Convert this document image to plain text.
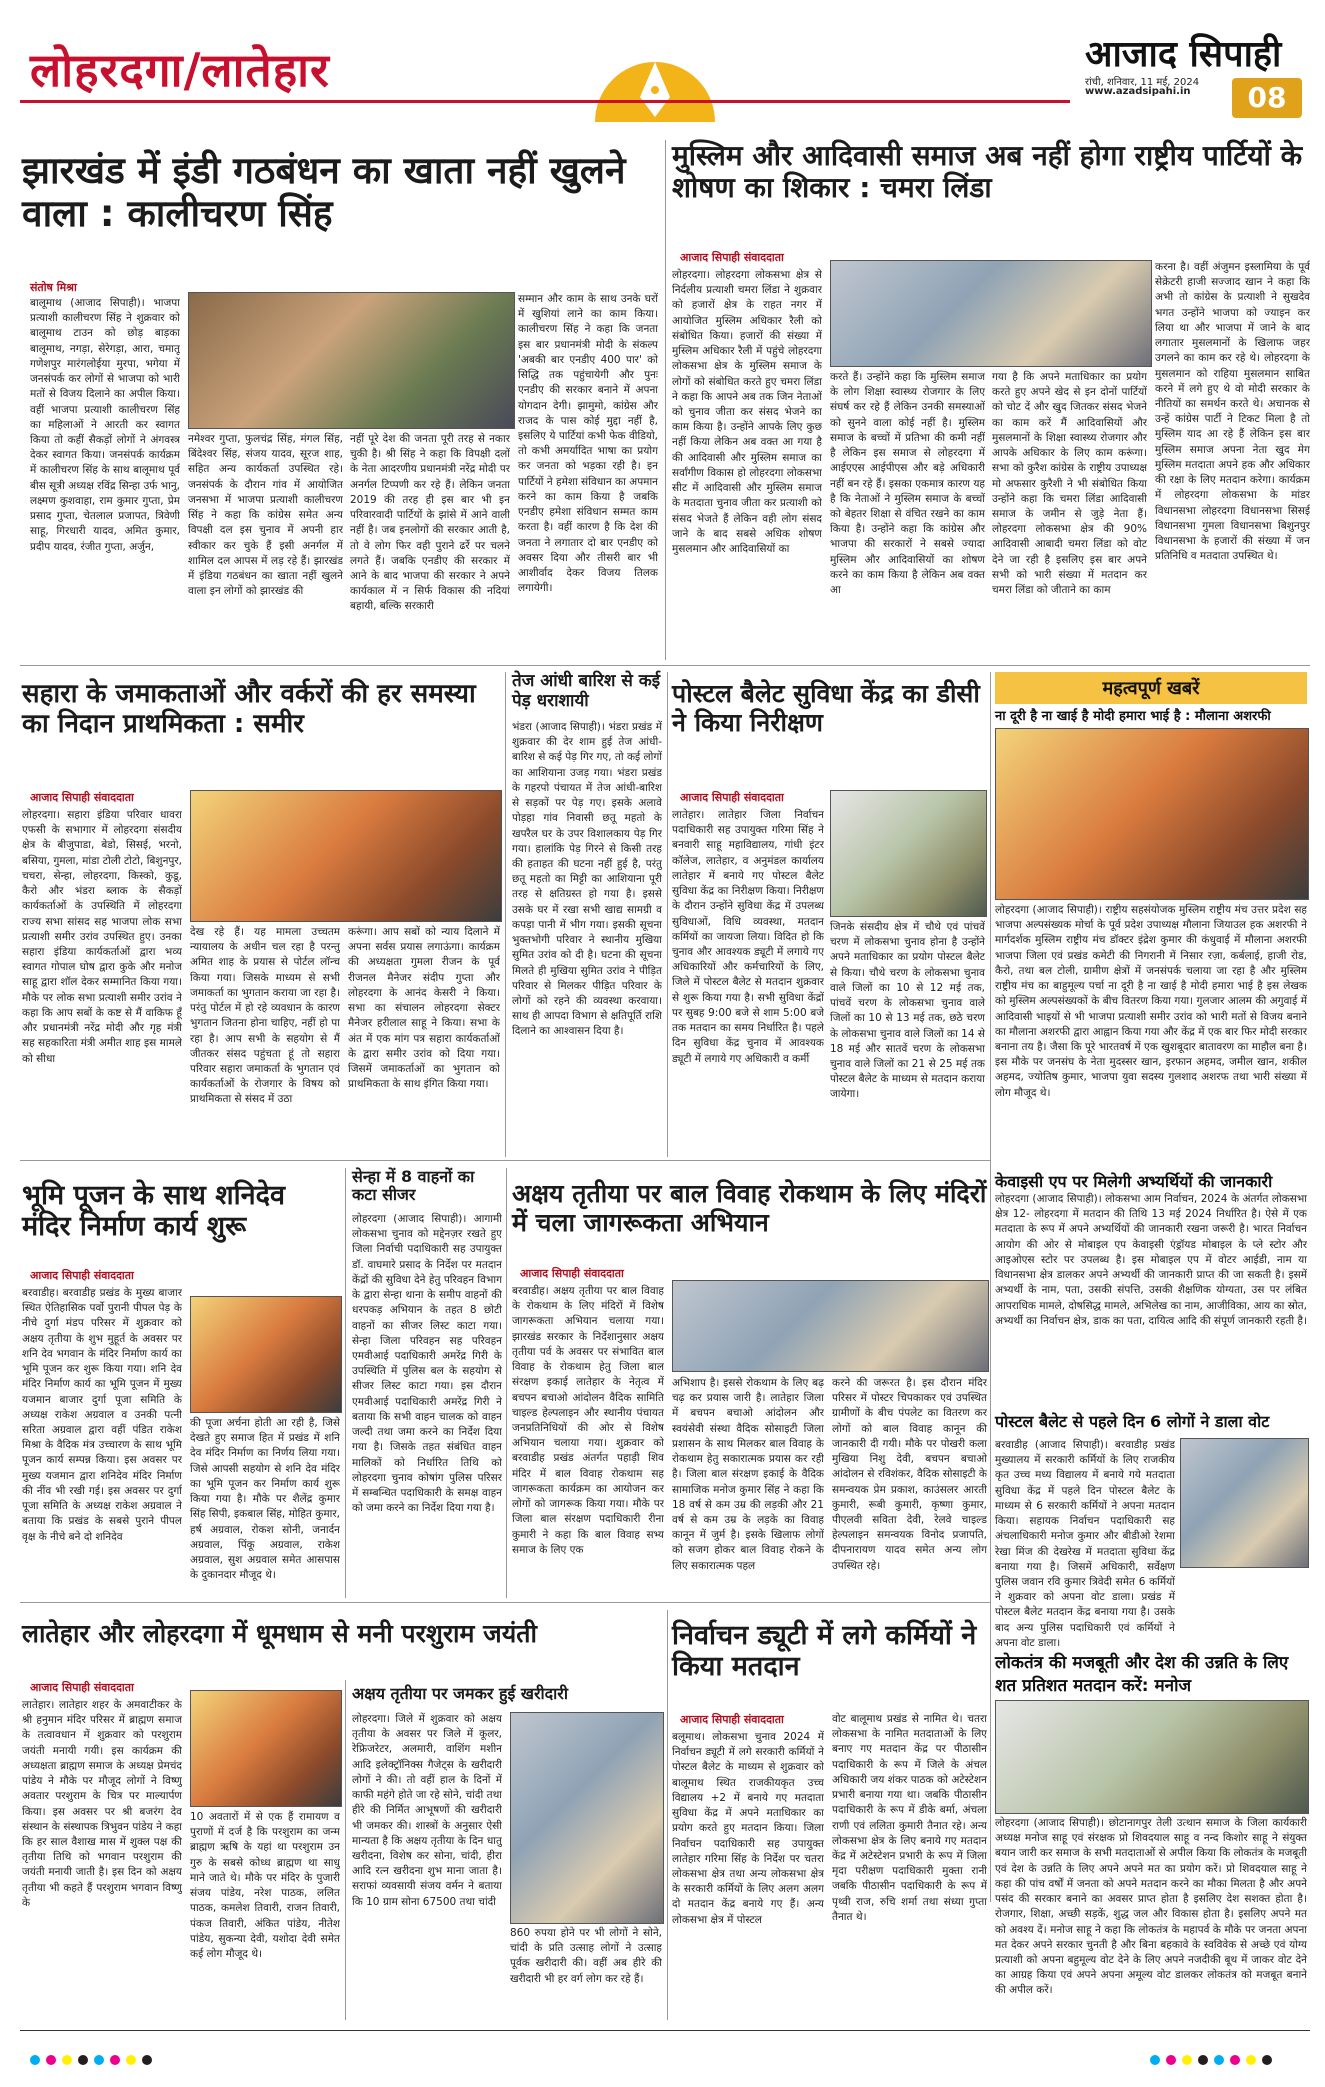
लोहरदगा/लातेहार	आजाद सिपाही
रांची, शनिवार, 11 मई, 2024
www.azadsipahi.in	08
झारखंड में इंडी गठबंधन का खाता नहीं खुलने वाला : कालीचरण सिंह
संतोष मिश्रा
बालूमाथ (आजाद सिपाही)। भाजपा प्रत्याशी कालीचरण सिंह ने शुक्रवार को बालूमाथ टाउन को छोड़ बाड़का बालूमाथ, नगड़ा, सेरेगड़ा, आरा, चमातू गणेशपुर मारंगलोईया मुरपा, भगेया में जनसंपर्क कर लोगों से भाजपा को भारी मतों से विजय दिलाने का अपील किया। वहीं भाजपा प्रत्याशी कालीचरण सिंह का महिलाओं ने आरती कर स्वागत किया तो कहीं सैकड़ों लोगों ने अंगवस्त्र देकर स्वागत किया। जनसंपर्क कार्यक्रम में कालीचरण सिंह के साथ बालूमाथ पूर्व बीस सूत्री अध्यक्ष रविंद्र सिन्हा उर्फ भानु, लक्ष्मण कुशवाहा, राम कुमार गुप्ता, प्रेम प्रसाद गुप्ता, चेतलाल प्रजापत, त्रिवेणी साहू, गिरधारी यादव, अमित कुमार, प्रदीप यादव, रंजीत गुप्ता, अर्जुन,
नमेश्वर गुप्ता, फुलचंद्र सिंह, मंगल सिंह, बिंदेश्वर सिंह, संजय यादव, सूरज शाह, सहित अन्य कार्यकर्ता उपस्थित रहे। जनसंपर्क के दौरान गांव में आयोजित जनसभा में भाजपा प्रत्याशी कालीचरण सिंह ने कहा कि कांग्रेस समेत अन्य विपक्षी दल इस चुनाव में अपनी हार स्वीकार कर चुके हैं इसी अनर्गल में शामिल दल आपस में लड़ रहे हैं। झारखंड में इंडिया गठबंधन का खाता नहीं खुलने वाला इन लोगों को झारखंड की
नहीं पूरे देश की जनता पूरी तरह से नकार चुकी है। श्री सिंह ने कहा कि विपक्षी दलों के नेता आदरणीय प्रधानमंत्री नरेंद्र मोदी पर अनर्गल टिप्पणी कर रहे हैं। लेकिन जनता 2019 की तरह ही इस बार भी इन परिवारवादी पार्टियों के झांसे में आने वाली नहीं है। जब इनलोगों की सरकार आती है, तो वे लोग फिर वही पुराने ढर्रे पर चलने लगते हैं। जबकि एनडीए की सरकार में आने के बाद भाजपा की सरकार ने अपने कार्यकाल में न सिर्फ विकास की नदियां बहायी, बल्कि सरकारी
सम्मान और काम के साथ उनके घरों में खुशियां लाने का काम किया। कालीचरण सिंह ने कहा कि जनता इस बार प्रधानमंत्री मोदी के संकल्प 'अबकी बार एनडीए 400 पार' को सिद्धि तक पहुंचायेगी और पुनः एनडीए की सरकार बनाने में अपना योगदान देगी। झामुमो, कांग्रेस और राजद के पास कोई मुद्दा नहीं है, इसलिए ये पार्टियां कभी फेक वीडियो, तो कभी अमर्यादित भाषा का प्रयोग कर जनता को भड़का रही है। इन पार्टियों ने हमेशा संविधान का अपमान करने का काम किया है जबकि एनडीए हमेशा संविधान सम्मत काम करता है। वहीं कारण है कि देश की जनता ने लगातार दो बार एनडीए को अवसर दिया और तीसरी बार भी आशीर्वाद देकर विजय तिलक लगायेगी।
मुस्लिम और आदिवासी समाज अब नहीं होगा राष्ट्रीय पार्टियों के शोषण का शिकार : चमरा लिंडा
आजाद सिपाही संवाददाता
लोहरदगा। लोहरदगा लोकसभा क्षेत्र से निर्दलीय प्रत्याशी चमरा लिंडा ने शुक्रवार को हजारों क्षेत्र के राहत नगर में आयोजित मुस्लिम अधिकार रैली को संबोधित किया। हजारों की संख्या में मुस्लिम अधिकार रैली में पहुंचे लोहरदगा लोकसभा क्षेत्र के मुस्लिम समाज के लोगों को संबोधित करते हुए चमरा लिंडा ने कहा कि आपने अब तक जिन नेताओं को चुनाव जीता कर संसद भेजने का काम किया है। उन्होंने आपके लिए कुछ नहीं किया लेकिन अब वक्त आ गया है की आदिवासी और मुस्लिम समाज का सर्वांगीण विकास हो लोहरदगा लोकसभा सीट में आदिवासी और मुस्लिम समाज के मतदाता चुनाव जीता कर प्रत्याशी को संसद भेजते हैं लेकिन वही लोग संसद जाने के बाद सबसे अधिक शोषण मुसलमान और आदिवासियों का
करते हैं। उन्होंने कहा कि मुस्लिम समाज के लोग शिक्षा स्वास्थ्य रोजगार के लिए संघर्ष कर रहे हैं लेकिन उनकी समस्याओं को सुनने वाला कोई नहीं है। मुस्लिम समाज के बच्चों में प्रतिभा की कमी नहीं है लेकिन इस समाज से लोहरदगा में आईएएस आईपीएस और बड़े अधिकारी नहीं बन रहे हैं। इसका एकमात्र कारण यह है कि नेताओं ने मुस्लिम समाज के बच्चों को बेहतर शिक्षा से वंचित रखने का काम किया है। उन्होंने कहा कि कांग्रेस और भाजपा की सरकारों ने सबसे ज्यादा मुस्लिम और आदिवासियों का शोषण करने का काम किया है लेकिन अब वक्त आ
गया है कि अपने मताधिकार का प्रयोग करते हुए अपने खेद से इन दोनों पार्टियों को चोट दें और खुद जितकर संसद भेजने का काम करें मैं आदिवासियों और मुसलमानों के शिक्षा स्वास्थ्य रोजगार और आपके अधिकार के लिए काम करूंगा। सभा को कुरैश कांग्रेस के राष्ट्रीय उपाध्यक्ष मो अफसार कुरैशी ने भी संबोधित किया उन्होंने कहा कि चमरा लिंडा आदिवासी समाज के जमीन से जुड़े नेता हैं। लोहरदगा लोकसभा क्षेत्र की 90% आदिवासी आबादी चमरा लिंडा को वोट देने जा रही है इसलिए इस बार अपने सभी को भारी संख्या में मतदान कर चमरा लिंडा को जीताने का काम
करना है। वहीं अंजुमन इस्लामिया के पूर्व सेक्रेटरी हाजी सज्जाद खान ने कहा कि अभी तो कांग्रेस के प्रत्याशी ने सुखदेव भगत उन्होंने भाजपा को ज्याइन कर लिया था और भाजपा में जाने के बाद लगातार मुसलमानों के खिलाफ जहर उगलने का काम कर रहे थे। लोहरदगा के मुसलमान को राहिया मुसलमान साबित करने में लगे हुए थे वो मोदी सरकार के नीतियों का समर्थन करते थे। अचानक से उन्हें कांग्रेस पार्टी ने टिकट मिला है तो मुस्लिम याद आ रहे हैं लेकिन इस बार मुस्लिम समाज अपना नेता खुद मेग मुस्लिम मतदाता अपने हक और अधिकार की रक्षा के लिए मतदान करेगा। कार्यक्रम में लोहरदगा लोकसभा के मांडर विधानसभा लोहरदगा विधानसभा सिसई विधानसभा गुमला विधानसभा बिशुनपुर विधानसभा के हजारों की संख्या में जन प्रतिनिधि व मतदाता उपस्थित थे।
सहारा के जमाकताओं और वर्करों की हर समस्या का निदान प्राथमिकता : समीर
आजाद सिपाही संवाददाता
लोहरदगा। सहारा इंडिया परिवार धावरा एफसी के सभागार में लोहरदगा संसदीय क्षेत्र के बीजुपाडा, बेडो, सिसई, भरनो, बसिया, गुमला, मांडा टोली टोटो, बिशुनपुर, चचरा, सेन्हा, लोहरदगा, किस्को, कुडू, कैरो और भंडरा ब्लाक के सैकड़ों कार्यकर्ताओं के उपस्थिति में लोहरदगा राज्य सभा सांसद सह भाजपा लोक सभा प्रत्याशी समीर उरांव उपस्थित हुए। उनका सहारा इंडिया कार्यकर्ताओं द्वारा भव्य स्वागत गोपाल घोष द्वारा कुके और मनोज साहू द्वारा शॉल देकर सम्मानित किया गया। मौके पर लोक सभा प्रत्याशी समीर उरांव ने कहा कि आप सबों के कष्ट से मैं वाकिफ हूँ और प्रधानमंत्री नरेंद्र मोदी और गृह मंत्री सह सहकारिता मंत्री अमीत शाह इस मामले को सीधा
देख रहे हैं। यह मामला उच्चतम न्यायालय के अधीन चल रहा है परन्तु अमित शाह के प्रयास से पोर्टल लॉन्च किया गया। जिसके माध्यम से सभी जमाकर्ता का भुगतान कराया जा रहा है। परंतु पोर्टल में हो रहे व्यवधान के कारण भुगतान जितना होना चाहिए, नहीं हो पा रहा है। आप सभी के सहयोग से मैं जीतकर संसद पहुंचता हूं तो सहारा परिवार सहारा जमाकर्ता के भुगतान एवं कार्यकर्ताओं के रोजगार के विषय को प्राथमिकता से संसद में उठा
करूंगा। आप सबों को न्याय दिलाने में अपना सर्वस प्रयास लगाऊंगा। कार्यक्रम की अध्यक्षता गुमला रीजन के पूर्व रीजनल मैनेजर संदीप गुप्ता और लोहरदगा के आनंद केसरी ने किया। सभा का संचालन लोहरदगा सेक्टर मैनेजर हरीलाल साहू ने किया। सभा के अंत में एक मांग पत्र सहारा कार्यकर्ताओं के द्वारा समीर उरांव को दिया गया। जिसमें जमाकर्ताओं का भुगतान को प्राथमिकता के साथ इंगित किया गया।
तेज आंधी बारिश से कई पेड़ धराशायी
भंडरा (आजाद सिपाही)। भंडरा प्रखंड में शुक्रवार की देर शाम हुई तेज आंधी-बारिश से कई पेड़ गिर गए, तो कई लोगों का आशियाना उजड़ गया। भंडरा प्रखंड के गहरपो पंचायत में तेज आंधी-बारिश से सड़कों पर पेड़ गए। इसके अलावे पोड़हा गांव निवासी छतू महतो के खपरैल घर के उपर विशालकाय पेड़ गिर गया। हालांकि पेड़ गिरने से किसी तरह की हताहत की घटना नहीं हुई है, परंतु छतू महतो का मिट्टी का आशियाना पूरी तरह से क्षतिग्रस्त हो गया है। इससे उसके घर में रखा सभी खाद्य सामग्री व कपड़ा पानी में भीग गया। इसकी सूचना भुक्तभोगी परिवार ने स्थानीय मुखिया सुमित उरांव को दी है। घटना की सूचना मिलते ही मुखिया सुमित उरांव ने पीड़ित परिवार से मिलकर पीड़ित परिवार के लोगों को रहने की व्यवस्था करवाया। साथ ही आपदा विभाग से क्षतिपूर्ति राशि दिलाने का आश्वासन दिया है।
पोस्टल बैलेट सुविधा केंद्र का डीसी ने किया निरीक्षण
आजाद सिपाही संवाददाता
लातेहार। लातेहार जिला निर्वाचन पदाधिकारी सह उपायुक्त गरिमा सिंह ने बनवारी साहू महाविद्यालय, गांधी इंटर कॉलेज, लातेहार, व अनुमंडल कार्यालय लातेहार में बनाये गए पोस्टल बैलेट सुविधा केंद्र का निरीक्षण किया। निरीक्षण के दौरान उन्होंने सुविधा केंद्र में उपलब्ध सुविधाओं, विधि व्यवस्था, मतदान कर्मियों का जायजा लिया। विदित हो कि चुनाव और आवश्यक ड्यूटी में लगाये गए अधिकारियों और कर्मचारियों के लिए, जिले में पोस्टल बैलेट से मतदान शुक्रवार से शुरू किया गया है। सभी सुविधा केंद्रों पर सुबह 9:00 बजे से शाम 5:00 बजे तक मतदान का समय निर्धारित है। पहले दिन सुविधा केंद्र चुनाव में आवश्यक ड्यूटी में लगाये गए अधिकारी व कर्मी
जिनके संसदीय क्षेत्र में चौथे एवं पांचवें चरण में लोकसभा चुनाव होना है उन्होंने अपने मताधिकार का प्रयोग पोस्टल बैलेट से किया। चौथे चरण के लोकसभा चुनाव वाले जिलों का 10 से 12 मई तक, पांचवें चरण के लोकसभा चुनाव वाले जिलों का 10 से 13 मई तक, छठे चरण के लोकसभा चुनाव वाले जिलों का 14 से 18 मई और सातवें चरण के लोकसभा चुनाव वाले जिलों का 21 से 25 मई तक पोस्टल बैलेट के माध्यम से मतदान कराया जायेगा।
महत्वपूर्ण खबरें
ना दूरी है ना खाई है मोदी हमारा भाई है : मौलाना अशरफी
लोहरदगा (आजाद सिपाही)। राष्ट्रीय सहसंयोजक मुस्लिम राष्ट्रीय मंच उत्तर प्रदेश सह भाजपा अल्पसंख्यक मोर्चा के पूर्व प्रदेश उपाध्यक्ष मौलाना जियाउल हक अशरफी ने मार्गदर्शक मुस्लिम राष्ट्रीय मंच डॉक्टर इंद्रेश कुमार की कंधुवाई में मौलाना अशरफी भाजपा जिला एवं प्रखंड कमेटी की निगरानी में निसार रज़ा, कर्बलाई, हाजी रोड, कैरो, तथा बल टोली, ग्रामीण क्षेत्रों में जनसंपर्क चलाया जा रहा है और मुस्लिम राष्ट्रीय मंच का बाहुमूल्य पर्चा ना दूरी है ना खाई है मोदी हमारा भाई है इस लेखक को मुस्लिम अल्पसंख्यकों के बीच वितरण किया गया। गुलजार आलम की अगुवाई में आदिवासी भाइयों से भी भाजपा प्रत्याशी समीर उरांव को भारी मतों से विजय बनाने का मौलाना अशरफी द्वारा आह्वान किया गया और केंद्र में एक बार फिर मोदी सरकार बनाना तय है। जैसा कि पूरे भारतवर्ष में एक खुशबूदार बातावरण का माहौल बना है। इस मौके पर जनसंघ के नेता मुदस्सर खान, इरफान अहमद, जमील खान, शकील अहमद, ज्योतिष कुमार, भाजपा युवा सदस्य गुलशाद अशरफ तथा भारी संख्या में लोग मौजूद थे।
केवाइसी एप पर मिलेगी अभ्यर्थियों की जानकारी
लोहरदगा (आजाद सिपाही)। लोकसभा आम निर्वाचन, 2024 के अंतर्गत लोकसभा क्षेत्र 12- लोहरदगा में मतदान की तिथि 13 मई 2024 निर्धारित है। ऐसे में एक मतदाता के रूप में अपने अभ्यर्थियों की जानकारी रखना जरूरी है। भारत निर्वाचन आयोग की ओर से मोबाइल एप केवाइसी एंड्रॉयड मोबाइल के प्ले स्टोर और आइओएस स्टोर पर उपलब्ध है। इस मोबाइल एप में वोटर आईडी, नाम या विधानसभा क्षेत्र डालकर अपने अभ्यर्थी की जानकारी प्राप्त की जा सकती है। इसमें अभ्यर्थी के नाम, पता, उसकी संपत्ति, उसकी शैक्षणिक योग्यता, उस पर लंबित आपराधिक मामले, दोषसिद्ध मामले, अभिलेख का नाम, आजीविका, आय का स्रोत, अभ्यर्थी का निर्वाचन क्षेत्र, डाक का पता, दायित्व आदि की संपूर्ण जानकारी रहती है।
पोस्टल बैलेट से पहले दिन 6 लोगों ने डाला वोट
बरवाडीह (आजाद सिपाही)। बरवाडीह प्रखंड मुख्यालय में सरकारी कर्मियों के लिए राजकीय कृत उच्च मध्य विद्यालय में बनाये गये मतदाता सुविधा केंद्र में पहले दिन पोस्टल बैलेट के माध्यम से 6 सरकारी कर्मियों ने अपना मतदान किया। सहायक निर्वाचन पदाधिकारी सह अंचलाधिकारी मनोज कुमार और बीडीओ रेशमा रेखा मिंज की देखरेख में मतदाता सुविधा केंद्र बनाया गया है। जिसमें अधिकारी, सर्वेक्षण पुलिस जवान रवि कुमार त्रिवेदी समेत 6 कर्मियों ने शुक्रवार को अपना वोट डाला। प्रखंड में पोस्टल बैलेट मतदान केंद्र बनाया गया है। उसके बाद अन्य पुलिस पदाधिकारी एवं कर्मियों ने अपना वोट डाला।
लोकतंत्र की मजबूती और देश की उन्नति के लिए शत प्रतिशत मतदान करें: मनोज
लोहरदगा (आजाद सिपाही)। छोटानागपुर तेली उत्थान समाज के जिला कार्यकारी अध्यक्ष मनोज साहू एवं संरक्षक प्रो शिवदयाल साहू व नन्द किशोर साहू ने संयुक्त बयान जारी कर समाज के सभी मतदाताओं से अपील किया कि लोकतंत्र के मजबूती एवं देश के उन्नति के लिए अपने अपने मत का प्रयोग करें। प्रो शिवदयाल साहू ने कहा की पांच वर्षों में जनता को अपने मतदान करने का मौका मिलता है और अपने पसंद की सरकार बनाने का अवसर प्राप्त होता है इसलिए देश सशक्त होता है। रोजगार, शिक्षा, अच्छी सड़कें, शुद्ध जल और विकास होता है। इसलिए अपने मत को अवश्य दें। मनोज साहू ने कहा कि लोकतंत्र के महापर्व के मौके पर जनता अपना मत देकर अपने सरकार चुनती है और बिना बहकावे के स्वविवेक से अच्छे एवं योग्य प्रत्याशी को अपना बहुमूल्य वोट देने के लिए अपने नजदीकी बूथ में जाकर वोट देने का आग्रह किया एवं अपने अपना अमूल्य वोट डालकर लोकतंत्र को मजबूत बनाने की अपील करें।
भूमि पूजन के साथ शनिदेव मंदिर निर्माण कार्य शुरू
आजाद सिपाही संवाददाता
बरवाडीह। बरवाडीह प्रखंड के मुख्य बाजार स्थित ऐतिहासिक पर्वो पुरानी पीपल पेड़ के नीचे दुर्गा मंडप परिसर में शुक्रवार को अक्षय तृतीया के शुभ मुहूर्त के अवसर पर शनि देव भगवान के मंदिर निर्माण कार्य का भूमि पूजन कर शुरू किया गया। शनि देव मंदिर निर्माण कार्य का भूमि पूजन में मुख्य यजमान बाजार दुर्गा पूजा समिति के अध्यक्ष राकेश अग्रवाल व उनकी पत्नी सरिता अग्रवाल द्वारा वहीं पंडित राकेश मिश्रा के वैदिक मंत्र उच्चारण के साथ भूमि पूजन कार्य सम्पन्न किया। इस अवसर पर मुख्य यजमान द्वारा शनिदेव मंदिर निर्माण की नींव भी रखी गई। इस अवसर पर दुर्गा पूजा समिति के अध्यक्ष राकेश अग्रवाल ने बताया कि प्रखंड के सबसे पुराने पीपल वृक्ष के नीचे बने दो शनिदेव
की पूजा अर्चना होती आ रही है, जिसे देखते हुए समाज हित में प्रखंड में शनि देव मंदिर निर्माण का निर्णय लिया गया। जिसे आपसी सहयोग से शनि देव मंदिर का भूमि पूजन कर निर्माण कार्य शुरू किया गया है। मौके पर शैलेंद्र कुमार सिंह सिपी, इकबाल सिंह, मोहित कुमार, हर्ष अग्रवाल, रोकश सोनी, जनार्दन अग्रवाल, पिंकू अग्रवाल, राकेश अग्रवाल, सुश अग्रवाल समेत आसपास के दुकानदार मौजूद थे।
सेन्हा में 8 वाहनों का कटा सीजर
लोहरदगा (आजाद सिपाही)। आगामी लोकसभा चुनाव को मद्देनज़र रखते हुए जिला निर्वाची पदाधिकारी सह उपायुक्त डॉ. वाघमारे प्रसाद के निर्देश पर मतदान केंद्रों की सुविधा देने हेतु परिवहन विभाग के द्वारा सेन्हा थाना के समीप वाहनों की धरपकड़ अभियान के तहत 8 छोटी वाहनों का सीजर लिस्ट काटा गया। सेन्हा जिला परिवहन सह परिवहन एमवीआई पदाधिकारी अमरेंद्र गिरी के उपस्थिति में पुलिस बल के सहयोग से सीजर लिस्ट काटा गया। इस दौरान एमवीआई पदाधिकारी अमरेंद्र गिरी ने बताया कि सभी वाहन चालक को वाहन जल्दी तथा जमा करने का निर्देश दिया गया है। जिसके तहत संबंधित वाहन मालिकों को निर्धारित तिथि को लोहरदगा चुनाव कोषांग पुलिस परिसर में सम्बन्धित पदाधिकारी के समक्ष वाहन को जमा करने का निर्देश दिया गया है।
अक्षय तृतीया पर बाल विवाह रोकथाम के लिए मंदिरों में चला जागरूकता अभियान
आजाद सिपाही संवाददाता
बरवाडीह। अक्षय तृतीया पर बाल विवाह के रोकथाम के लिए मंदिरों में विशेष जागरूकता अभियान चलाया गया। झारखंड सरकार के निर्देशानुसार अक्षय तृतीया पर्व के अवसर पर संभावित बाल विवाह के रोकथाम हेतु जिला बाल संरक्षण इकाई लातेहार के नेतृत्व में बचपन बचाओ आंदोलन वैदिक सामिति चाइल्ड हेल्पलाइन और स्थानीय पंचायत जनप्रतिनिधियों की ओर से विशेष अभियान चलाया गया। शुक्रवार को बरवाडीह प्रखंड अंतर्गत पहाड़ी शिव मंदिर में बाल विवाह रोकथाम सह जागरूकता कार्यक्रम का आयोजन कर लोगों को जागरूक किया गया। मौके पर जिला बाल संरक्षण पदाधिकारी रीना कुमारी ने कहा कि बाल विवाह सभ्य समाज के लिए एक
अभिशाप है। इससे रोकथाम के लिए बढ़ चढ़ कर प्रयास जारी है। लातेहार जिला में बचपन बचाओ आंदोलन और स्वयंसेवी संस्था वैदिक सोसाइटी जिला प्रशासन के साथ मिलकर बाल विवाह के रोकथाम हेतु सकारात्मक प्रयास कर रही है। जिला बाल संरक्षण इकाई के वैदिक सामाजिक मनोज कुमार सिंह ने कहा कि 18 वर्ष से कम उम्र की लड़की और 21 वर्ष से कम उम्र के लड़के का विवाह कानून में जुर्म है। इसके खिलाफ लोगों को सजग होकर बाल विवाह रोकने के लिए सकारात्मक पहल
करने की जरूरत है। इस दौरान मंदिर परिसर में पोस्टर चिपकाकर एवं उपस्थित ग्रामीणों के बीच पंपलेट का वितरण कर लोगों को बाल विवाह कानून की जानकारी दी गयी। मौके पर पोखरी कला मुखिया निशु देवी, बचपन बचाओ आंदोलन से रविशंकर, वैदिक सोसाइटी के समन्वयक प्रेम प्रकाश, काउंसलर आरती कुमारी, रूबी कुमारी, कृष्णा कुमार, पीएलवी सविता देवी, रेलवे चाइल्ड हेल्पलाइन समन्वयक विनोद प्रजापति, दीपनारायण यादव समेत अन्य लोग उपस्थित रहे।
लातेहार और लोहरदगा में धूमधाम से मनी परशुराम जयंती
आजाद सिपाही संवाददाता
लातेहार। लातेहार शहर के अमवाटीकर के श्री हनुमान मंदिर परिसर में ब्राह्मण समाज के तत्वावधान में शुक्रवार को परशुराम जयंती मनायी गयी। इस कार्यक्रम की अध्यक्षता ब्राह्मण समाज के अध्यक्ष प्रेमचंद पांडेय ने मौके पर मौजूद लोगों ने विष्णु अवतार परशुराम के चित्र पर माल्यार्पण किया। इस अवसर पर श्री बजरंग देव संस्थान के संस्थापक त्रिभुवन पांडेय ने कहा कि हर साल वैशाख मास में शुक्ल पक्ष की तृतीया तिथि को भगवान परशुराम की जयंती मनायी जाती है। इस दिन को अक्षय तृतीया भी कहते हैं परशुराम भगवान विष्णु के
10 अवतारों में से एक हैं रामायण व पुराणों में दर्ज है कि परशुराम का जन्म ब्राह्मण ऋषि के यहां था परशुराम उन गुरु के सबसे कोध्ध ब्राह्मण था साधु माने जाते थे। मौके पर मंदिर के पुजारी संजय पांडेय, नरेश पाठक, ललित पाठक, कमलेश तिवारी, राजन तिवारी, पंकज तिवारी, अंकित पांडेय, नीतेश पांडेय, सुकन्या देवी, यशोदा देवी समेत कई लोग मौजूद थे।
अक्षय तृतीया पर जमकर हुई खरीदारी
लोहरदगा। जिले में शुक्रवार को अक्षय तृतीया के अवसर पर जिले में कूलर, रेफ्रिजरेटर, अलमारी, वाशिंग मशीन आदि इलेक्ट्रॉनिक्स गैजेट्स के खरीदारी लोगों ने की। तो वहीं हाल के दिनों में काफी महंगे होते जा रहे सोने, चांदी तथा हीरे की निर्मित आभूषणों की खरीदारी भी जमकर की। शास्त्रों के अनुसार ऐसी मान्यता है कि अक्षय तृतीया के दिन धातु खरीदना, विशेष कर सोना, चांदी, हीरा आदि रत्न खरीदना शुभ माना जाता है। सराफां व्यवसायी संजय वर्मन ने बताया कि 10 ग्राम सोना 67500 तथा चांदी
860 रुपया होने पर भी लोगों ने सोने, चांदी के प्रति उत्साह लोगों ने उत्साह पूर्वक खरीदारी की। वहीं अब हीरे की खरीदारी भी हर वर्ग लोग कर रहे हैं।
निर्वाचन ड्यूटी में लगे कर्मियों ने किया मतदान
आजाद सिपाही संवाददाता
बलूमाथ। लोकसभा चुनाव 2024 में निर्वाचन ड्यूटी में लगे सरकारी कर्मियों ने पोस्टल बैलेट के माध्यम से शुक्रवार को बालूमाथ स्थित राजकीयकृत उच्च विद्यालय +2 में बनाये गए मतदाता सुविधा केंद्र में अपने मताधिकार का प्रयोग करते हुए मतदान किया। जिला निर्वाचन पदाधिकारी सह उपायुक्त लातेहार गरिमा सिंह के निर्देश पर चतरा लोकसभा क्षेत्र तथा अन्य लोकसभा क्षेत्र के सरकारी कर्मियों के लिए अलग अलग दो मतदान केंद्र बनाये गए हैं। अन्य लोकसभा क्षेत्र में पोस्टल
वोट बालूमाथ प्रखंड से नामित थे। चतरा लोकसभा के नामित मतदाताओं के लिए बनाए गए मतदान केंद्र पर पीठासीन पदाधिकारी के रूप में जिले के अंचल अधिकारी जय शंकर पाठक को अटेस्टेशन प्रभारी बनाया गया था। जबकि पीठासीन पदाधिकारी के रूप में डीके बर्मा, अंचला राणी एवं ललिता कुमारी तैनात रहे। अन्य लोकसभा क्षेत्र के लिए बनाये गए मतदान केंद्र में अटेस्टेशन प्रभारी के रूप में जिला मृदा परीक्षण पदाधिकारी मुक्ता रानी जबकि पीठासीन पदाधिकारी के रूप में पृथ्वी राज, रुचि शर्मा तथा संध्या गुप्ता तैनात थे।
